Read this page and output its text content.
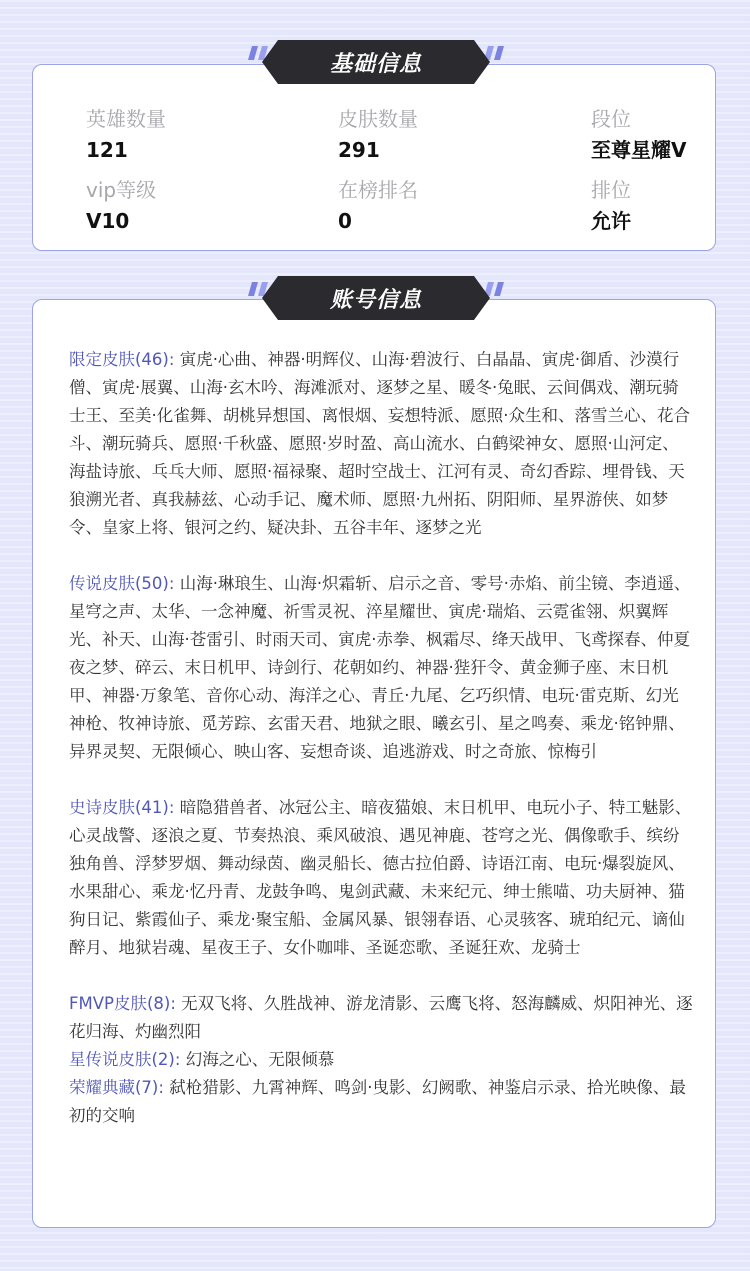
英雄数量
121
皮肤数量
291
段位
至尊星耀V
vip等级
V10
在榜排名
0
排位
允许
基础信息

限定皮肤(46): 寅虎·心曲、神器·明辉仪、山海·碧波行、白晶晶、寅虎·御盾、沙漠行僧、寅虎·展翼、山海·玄木吟、海滩派对、逐梦之星、暖冬·兔眠、云间偶戏、潮玩骑士王、至美·化雀舞、胡桃异想国、离恨烟、妄想特派、愿照·众生和、落雪兰心、花合斗、潮玩骑兵、愿照·千秋盛、愿照·岁时盈、高山流水、白鹤梁神女、愿照·山河定、海盐诗旅、乓乓大师、愿照·福禄聚、超时空战士、江河有灵、奇幻香踪、埋骨钱、天狼溯光者、真我赫兹、心动手记、魔术师、愿照·九州拓、阴阳师、星界游侠、如梦令、皇家上将、银河之约、疑决卦、五谷丰年、逐梦之光

传说皮肤(50): 山海·琳琅生、山海·炽霜斩、启示之音、零号·赤焰、前尘镜、李逍遥、星穹之声、太华、一念神魔、祈雪灵祝、淬星耀世、寅虎·瑞焰、云霓雀翎、炽翼辉光、补天、山海·苍雷引、时雨天司、寅虎·赤拳、枫霜尽、绛天战甲、飞鸢探春、仲夏夜之梦、碎云、末日机甲、诗剑行、花朝如约、神器·狴犴令、黄金狮子座、末日机甲、神器·万象笔、音你心动、海洋之心、青丘·九尾、乞巧织情、电玩·雷克斯、幻光神枪、牧神诗旅、觅芳踪、玄雷天君、地狱之眼、曦玄引、星之鸣奏、乘龙·铭钟鼎、异界灵契、无限倾心、映山客、妄想奇谈、追逃游戏、时之奇旅、惊梅引

史诗皮肤(41): 暗隐猎兽者、冰冠公主、暗夜猫娘、末日机甲、电玩小子、特工魅影、心灵战警、逐浪之夏、节奏热浪、乘风破浪、遇见神鹿、苍穹之光、偶像歌手、缤纷独角兽、浮梦罗烟、舞动绿茵、幽灵船长、德古拉伯爵、诗语江南、电玩·爆裂旋风、水果甜心、乘龙·忆丹青、龙鼓争鸣、鬼剑武藏、未来纪元、绅士熊喵、功夫厨神、猫狗日记、紫霞仙子、乘龙·聚宝船、金属风暴、银翎春语、心灵骇客、琥珀纪元、谪仙醉月、地狱岩魂、星夜王子、女仆咖啡、圣诞恋歌、圣诞狂欢、龙骑士

FMVP皮肤(8): 无双飞将、久胜战神、游龙清影、云鹰飞将、怒海麟威、炽阳神光、逐花归海、灼幽烈阳

星传说皮肤(2): 幻海之心、无限倾慕

荣耀典藏(7): 弑枪猎影、九霄神辉、鸣剑·曳影、幻阙歌、神鉴启示录、拾光映像、最初的交响

账号信息
